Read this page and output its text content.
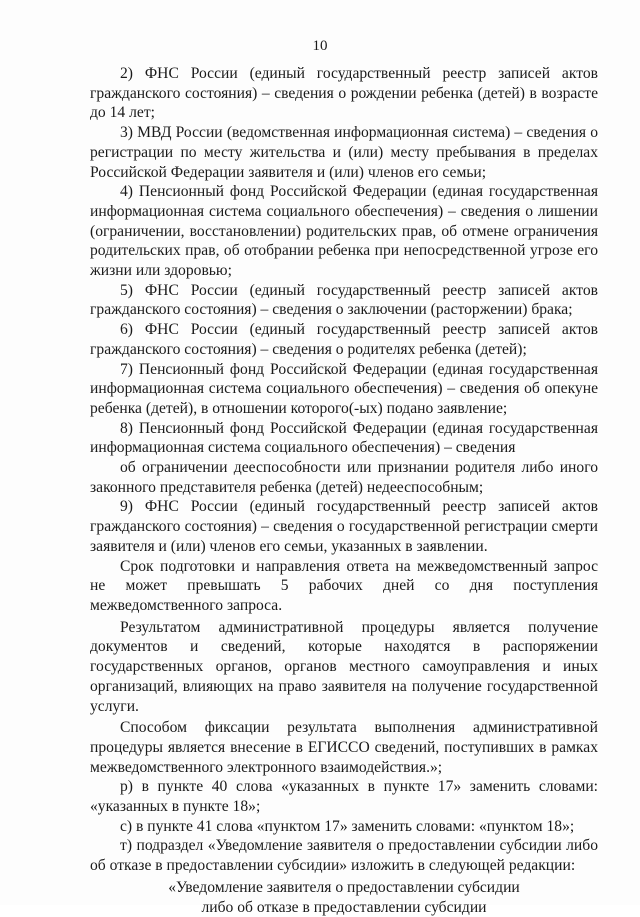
10

2) ФНС России (единый государственный реестр записей актов гражданского состояния) – сведения о рождении ребенка (детей) в возрасте до 14 лет;

3) МВД России (ведомственная информационная система) – сведения о регистрации по месту жительства и (или) месту пребывания в пределах Российской Федерации заявителя и (или) членов его семьи;

4) Пенсионный фонд Российской Федерации (единая государственная информационная система социального обеспечения) – сведения о лишении (ограничении, восстановлении) родительских прав, об отмене ограничения родительских прав, об отобрании ребенка при непосредственной угрозе его жизни или здоровью;

5) ФНС России (единый государственный реестр записей актов гражданского состояния) – сведения о заключении (расторжении) брака;

6) ФНС России (единый государственный реестр записей актов гражданского состояния) – сведения о родителях ребенка (детей);

7) Пенсионный фонд Российской Федерации (единая государственная информационная система социального обеспечения) – сведения об опекуне ребенка (детей), в отношении которого(-ых) подано заявление;

8) Пенсионный фонд Российской Федерации (единая государственная информационная система социального обеспечения) – сведения

об ограничении дееспособности или признании родителя либо иного законного представителя ребенка (детей) недееспособным;

9) ФНС России (единый государственный реестр записей актов гражданского состояния) – сведения о государственной регистрации смерти заявителя и (или) членов его семьи, указанных в заявлении.

Срок подготовки и направления ответа на межведомственный запрос не может превышать 5 рабочих дней со дня поступления межведомственного запроса.

Результатом административной процедуры является получение документов и сведений, которые находятся в распоряжении государственных органов, органов местного самоуправления и иных организаций, влияющих на право заявителя на получение государственной услуги.

Способом фиксации результата выполнения административной процедуры является внесение в ЕГИССО сведений, поступивших в рамках межведомственного электронного взаимодействия.»;

р) в пункте 40 слова «указанных в пункте 17» заменить словами: «указанных в пункте 18»;

с) в пункте 41 слова «пунктом 17» заменить словами: «пунктом 18»;

т) подраздел «Уведомление заявителя о предоставлении субсидии либо об отказе в предоставлении субсидии» изложить в следующей редакции:

«Уведомление заявителя о предоставлении субсидии
либо об отказе в предоставлении субсидии
